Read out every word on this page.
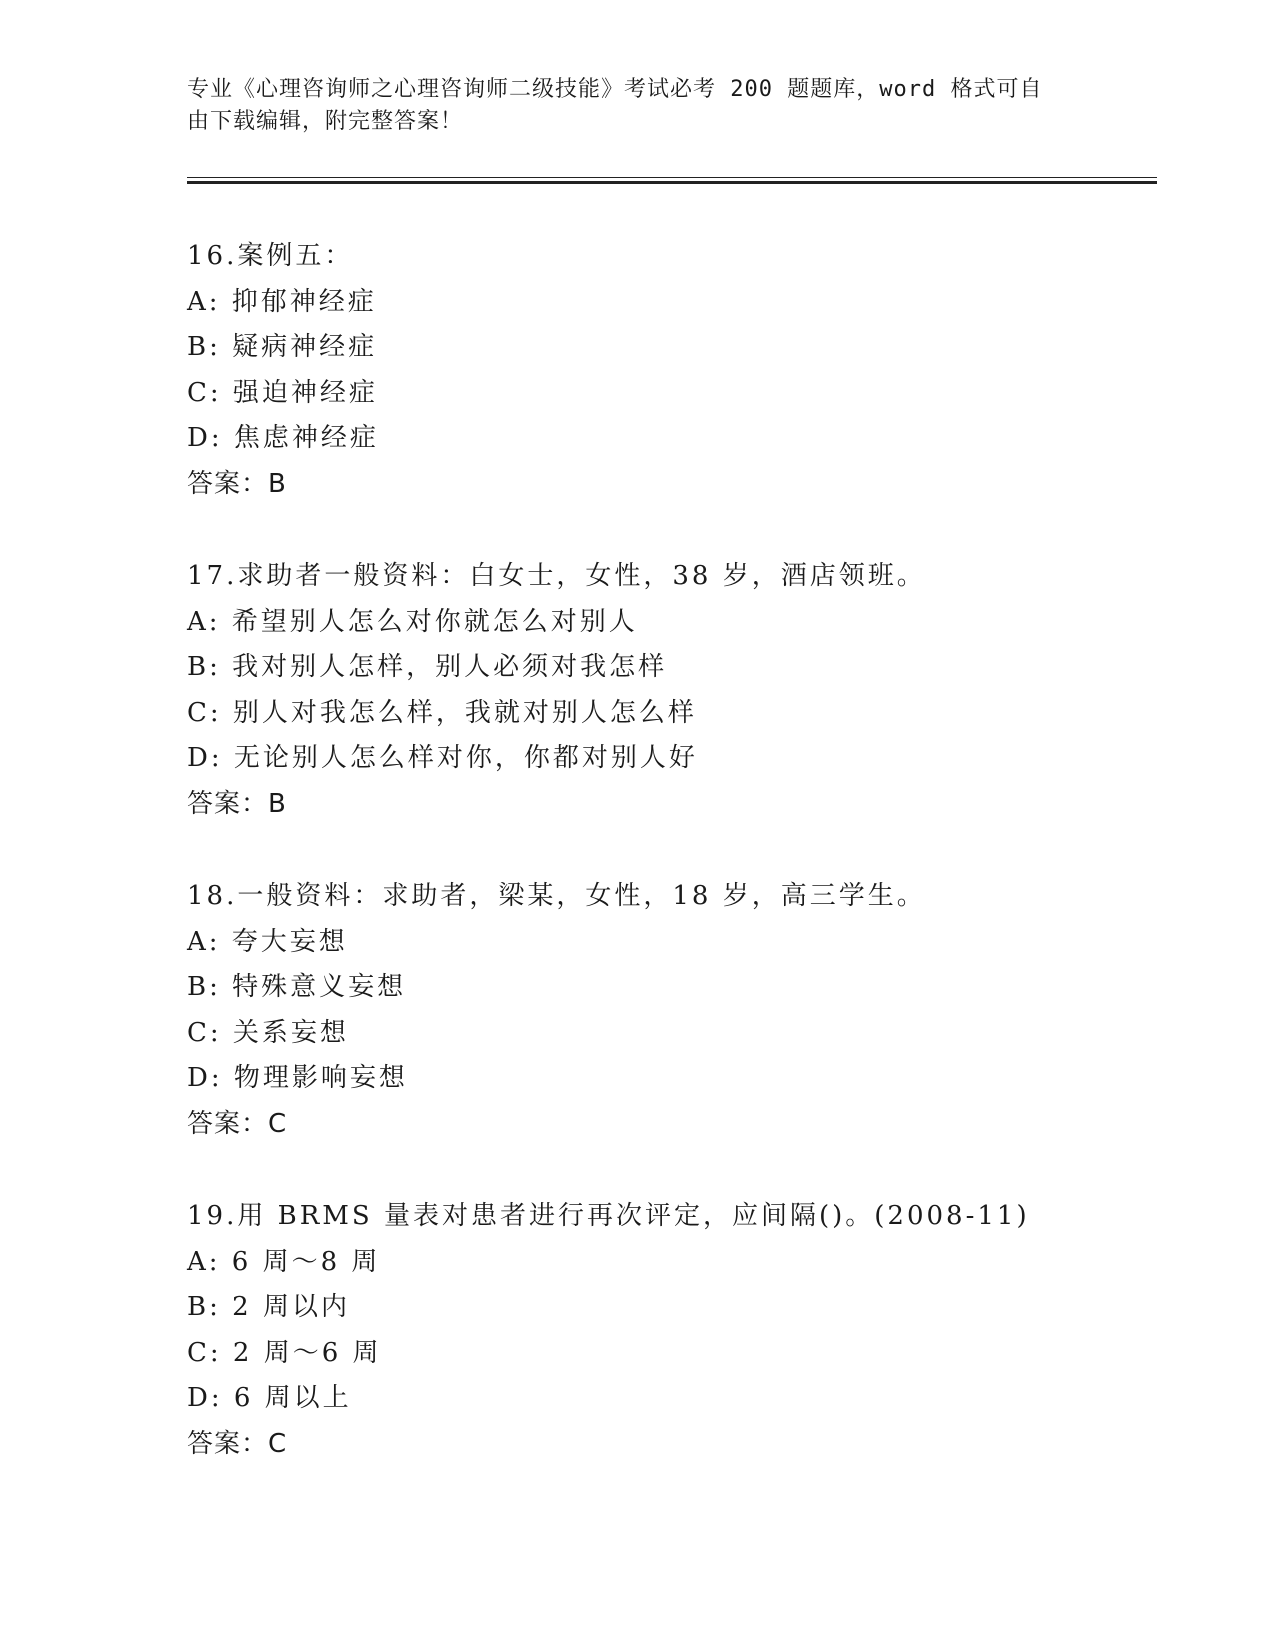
专业《心理咨询师之心理咨询师二级技能》考试必考 200 题题库，word 格式可自
由下载编辑，附完整答案！
16.案例五：
A: 抑郁神经症
B: 疑病神经症
C: 强迫神经症
D: 焦虑神经症
答案：B
17.求助者一般资料：白女士，女性，38 岁，酒店领班。
A: 希望别人怎么对你就怎么对别人
B: 我对别人怎样，别人必须对我怎样
C: 别人对我怎么样，我就对别人怎么样
D: 无论别人怎么样对你，你都对别人好
答案：B
18.一般资料：求助者，梁某，女性，18 岁，高三学生。
A: 夸大妄想
B: 特殊意义妄想
C: 关系妄想
D: 物理影响妄想
答案：C
19.用 BRMS 量表对患者进行再次评定，应间隔()。(2008-11)
A: 6 周～8 周
B: 2 周以内
C: 2 周～6 周
D: 6 周以上
答案：C
